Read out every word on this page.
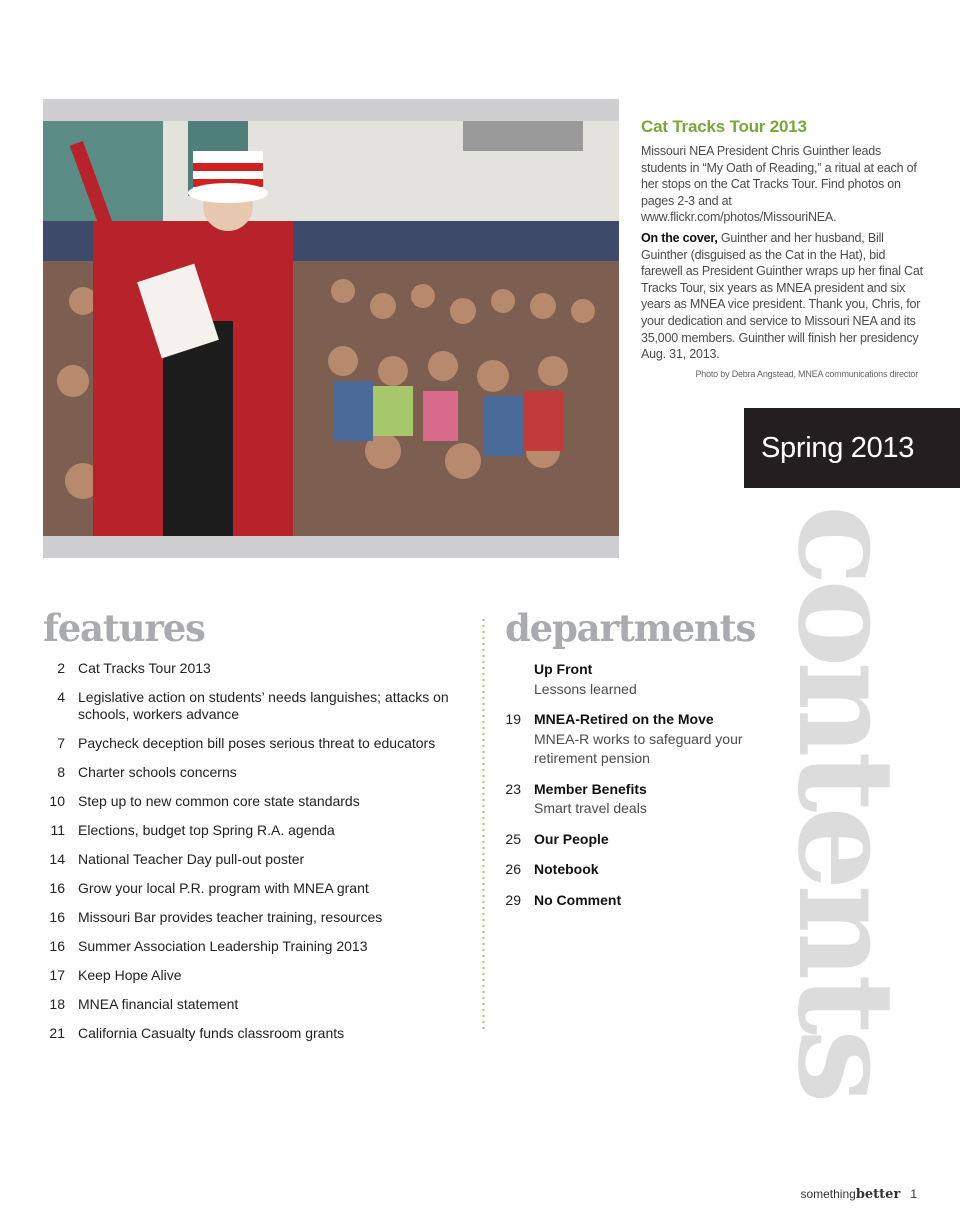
Cat Tracks Tour 2013

Missouri NEA President Chris Guinther leads students in “My Oath of Reading,” a ritual at each of her stops on the Cat Tracks Tour. Find photos on pages 2-3 and at www.flickr.com/photos/MissouriNEA.

On the cover, Guinther and her husband, Bill Guinther (disguised as the Cat in the Hat), bid farewell as President Guinther wraps up her final Cat Tracks Tour, six years as MNEA president and six years as MNEA vice president. Thank you, Chris, for your dedication and service to Missouri NEA and its 35,000 members. Guinther will finish her presidency Aug. 31, 2013.

Photo by Debra Angstead, MNEA communications director
Spring 2013
contents
features	departments
2 Cat Tracks Tour 2013
4 Legislative action on students’ needs languishes; attacks on schools, workers advance
7 Paycheck deception bill poses serious threat to educators
8 Charter schools concerns
10 Step up to new common core state standards
11 Elections, budget top Spring R.A. agenda
14 National Teacher Day pull-out poster
16 Grow your local P.R. program with MNEA grant
16 Missouri Bar provides teacher training, resources
16 Summer Association Leadership Training 2013
17 Keep Hope Alive
18 MNEA financial statement
21 California Casualty funds classroom grants
Up Front
Lessons learned
19 MNEA-Retired on the Move
MNEA-R works to safeguard your retirement pension
23 Member Benefits
Smart travel deals
25 Our People
26 Notebook
29 No Comment
somethingbetter 1
